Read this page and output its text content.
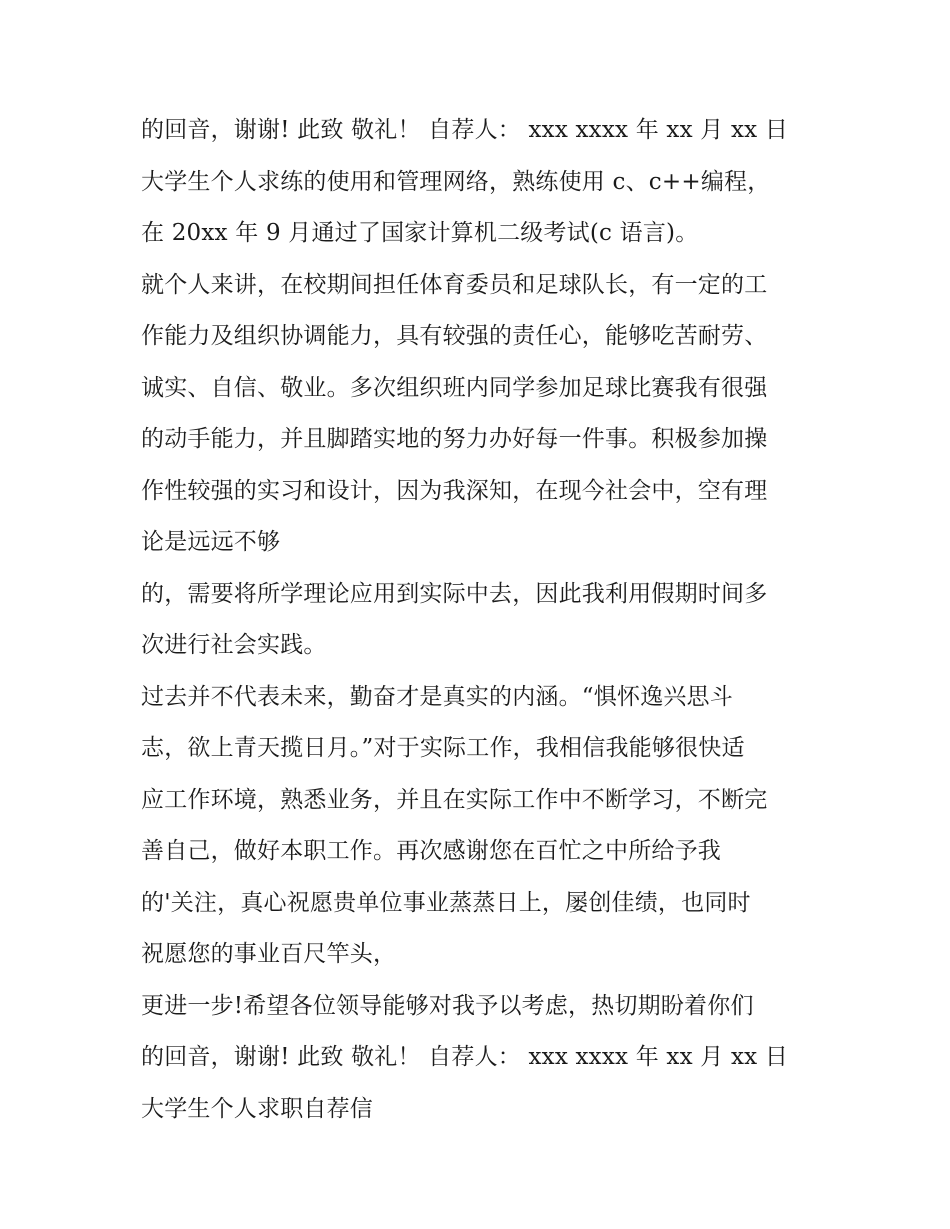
的回音，谢谢! 此致 敬礼！ 自荐人： xxx xxxx 年 xx 月 xx 日
大学生个人求练的使用和管理网络，熟练使用 c、c++编程，
在 20xx 年 9 月通过了国家计算机二级考试(c 语言)。
就个人来讲，在校期间担任体育委员和足球队长，有一定的工
作能力及组织协调能力，具有较强的责任心，能够吃苦耐劳、
诚实、自信、敬业。多次组织班内同学参加足球比赛我有很强
的动手能力，并且脚踏实地的努力办好每一件事。积极参加操
作性较强的实习和设计，因为我深知，在现今社会中，空有理
论是远远不够
的，需要将所学理论应用到实际中去，因此我利用假期时间多
次进行社会实践。
过去并不代表未来，勤奋才是真实的内涵。“惧怀逸兴思斗
志，欲上青天揽日月。”对于实际工作，我相信我能够很快适
应工作环境，熟悉业务，并且在实际工作中不断学习，不断完
善自己，做好本职工作。再次感谢您在百忙之中所给予我
的'关注，真心祝愿贵单位事业蒸蒸日上，屡创佳绩，也同时
祝愿您的事业百尺竿头，
更进一步!希望各位领导能够对我予以考虑，热切期盼着你们
的回音，谢谢! 此致 敬礼！ 自荐人： xxx xxxx 年 xx 月 xx 日
大学生个人求职自荐信
